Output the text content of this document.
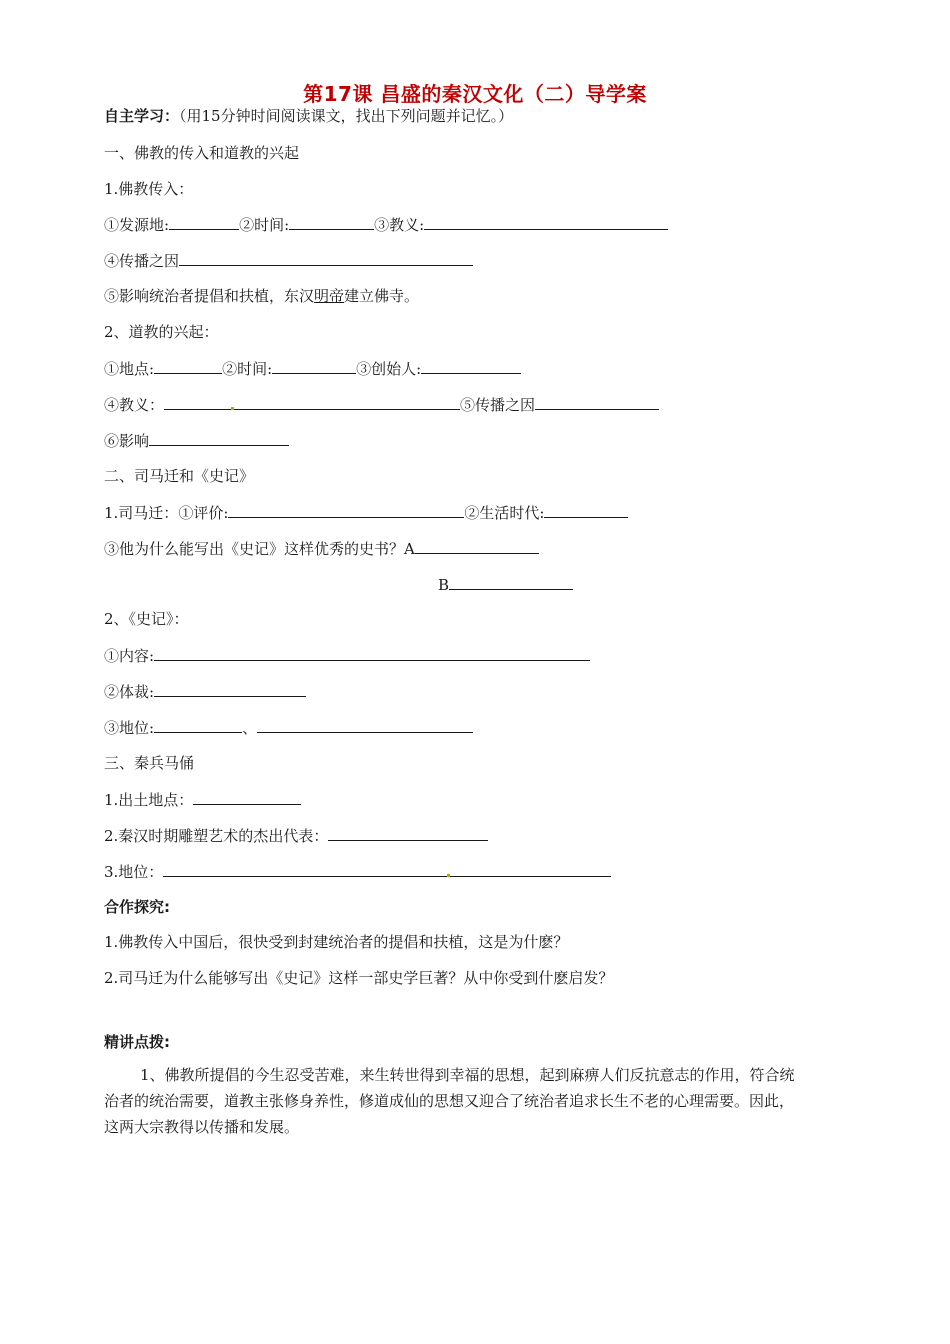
第17课 昌盛的秦汉文化（二）导学案
自主学习：（用15分钟时间阅读课文，找出下列问题并记忆。）
一、佛教的传入和道教的兴起
1.佛教传入：
①发源地:	②时间:	③教义:
④传播之因
⑤影响统治者提倡和扶植，东汉明帝建立佛寺。
2、道教的兴起：
①地点:	②时间:	③创始人:
④教义：	⑤传播之因
⑥影响
二、司马迁和《史记》
1.司马迁：①评价:	②生活时代:
③他为什么能写出《史记》这样优秀的史书？A
B
2、《史记》：
①内容:
②体裁:
③地位:	、
三、秦兵马俑
1.出土地点：
2.秦汉时期雕塑艺术的杰出代表：
3.地位：
合作探究:
1.佛教传入中国后，很快受到封建统治者的提倡和扶植，这是为什麽？
2.司马迁为什么能够写出《史记》这样一部史学巨著？从中你受到什麽启发？
精讲点拨:
1、佛教所提倡的今生忍受苦难，来生转世得到幸福的思想，起到麻痹人们反抗意志的作用，符合统治者的统治需要，道教主张修身养性，修道成仙的思想又迎合了统治者追求长生不老的心理需要。因此，这两大宗教得以传播和发展。
